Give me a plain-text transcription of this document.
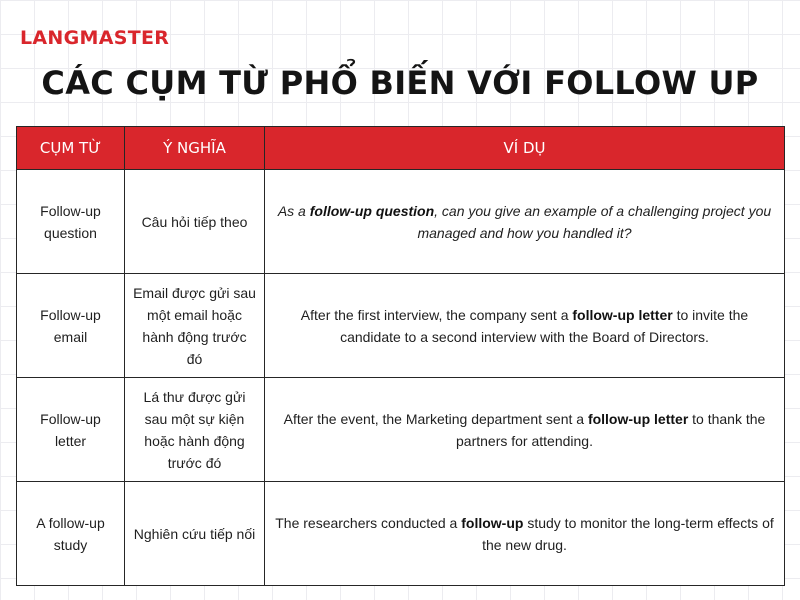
LANGMASTER
CÁC CỤM TỪ PHỔ BIẾN VỚI FOLLOW UP
CỤM TỪ	Ý NGHĨA	VÍ DỤ
Follow-up question	Câu hỏi tiếp theo	As a follow-up question, can you give an example of a challenging project you managed and how you handled it?
Follow-up email	Email được gửi sau một email hoặc hành động trước đó	After the first interview, the company sent a follow-up letter to invite the candidate to a second interview with the Board of Directors.
Follow-up letter	Lá thư được gửi sau một sự kiện hoặc hành động trước đó	After the event, the Marketing department sent a follow-up letter to thank the partners for attending.
A follow-up study	Nghiên cứu tiếp nối	The researchers conducted a follow-up study to monitor the long-term effects of the new drug.
